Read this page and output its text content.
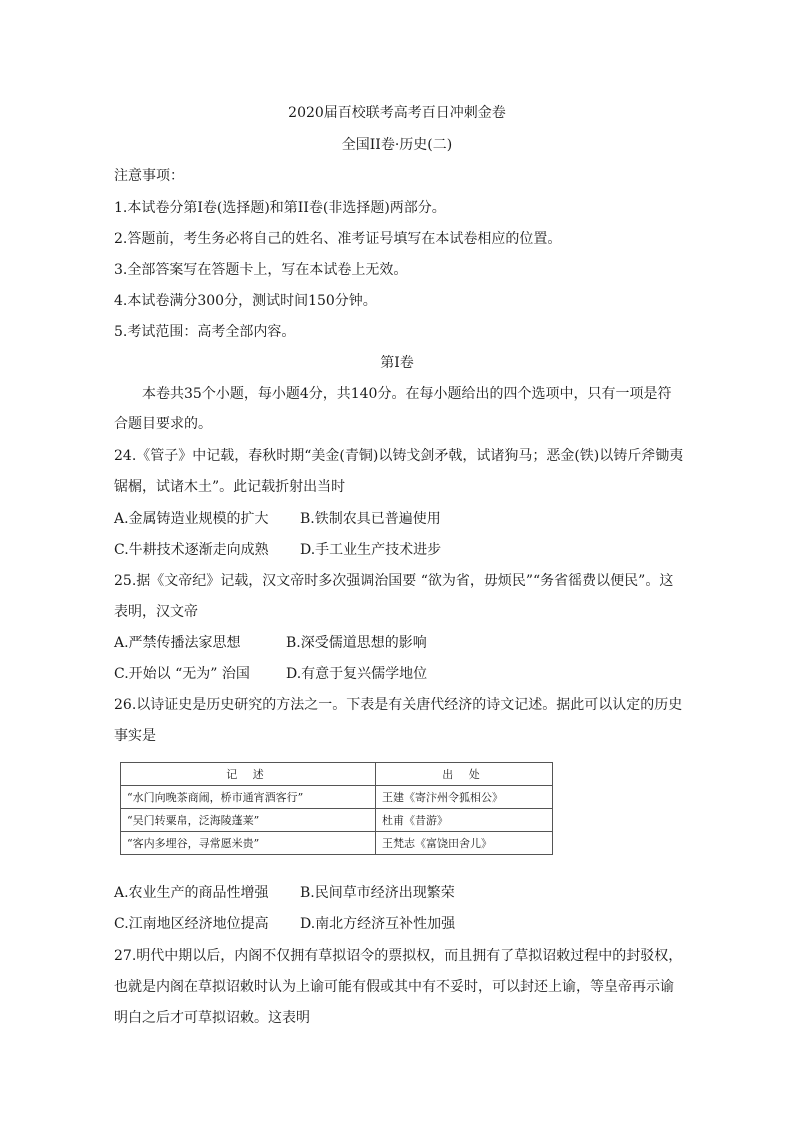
2020届百校联考高考百日冲刺金卷
全国II卷·历史(二)
注意事项：
1.本试卷分第I卷(选择题)和第II卷(非选择题)两部分。
2.答题前，考生务必将自己的姓名、准考证号填写在本试卷相应的位置。
3.全部答案写在答题卡上，写在本试卷上无效。
4.本试卷满分300分，测试时间150分钟。
5.考试范围：高考全部内容。
第I卷
本卷共35个小题，每小题4分，共140分。在每小题给出的四个选项中，只有一项是符
合题目要求的。
24.《管子》中记载，春秋时期“美金(青铜)以铸戈剑矛戟，试诸狗马；恶金(铁)以铸斤斧锄夷
锯榍，试诸木土”。此记载折射出当时
A.金属铸造业规模的扩大 B.铁制农具已普遍使用
C.牛耕技术逐渐走向成熟 D.手工业生产技术进步
25.据《文帝纪》记载，汉文帝时多次强调治国要 “欲为省，毋烦民”“务省徭费以便民”。这
表明，汉文帝
A.严禁传播法家思想	B.深受儒道思想的影响
C.开始以 “无为” 治国	D.有意于复兴儒学地位
26.以诗证史是历史研究的方法之一。下表是有关唐代经济的诗文记述。据此可以认定的历史
事实是
记 述	出 处
“水门向晚茶商闹，桥市通宵酒客行”	王建《寄汴州令狐相公》
“吴门转粟帛，泛海陵蓬莱”	杜甫《昔游》
“客内多埋谷，寻常愿米贵”	王梵志《富饶田舍儿》
A.农业生产的商品性增强 B.民间草市经济出现繁荣
C.江南地区经济地位提高 D.南北方经济互补性加强
27.明代中期以后，内阁不仅拥有草拟诏令的票拟权，而且拥有了草拟诏敕过程中的封驳权，
也就是内阁在草拟诏敕时认为上谕可能有假或其中有不妥时，可以封还上谕，等皇帝再示谕
明白之后才可草拟诏敕。这表明
